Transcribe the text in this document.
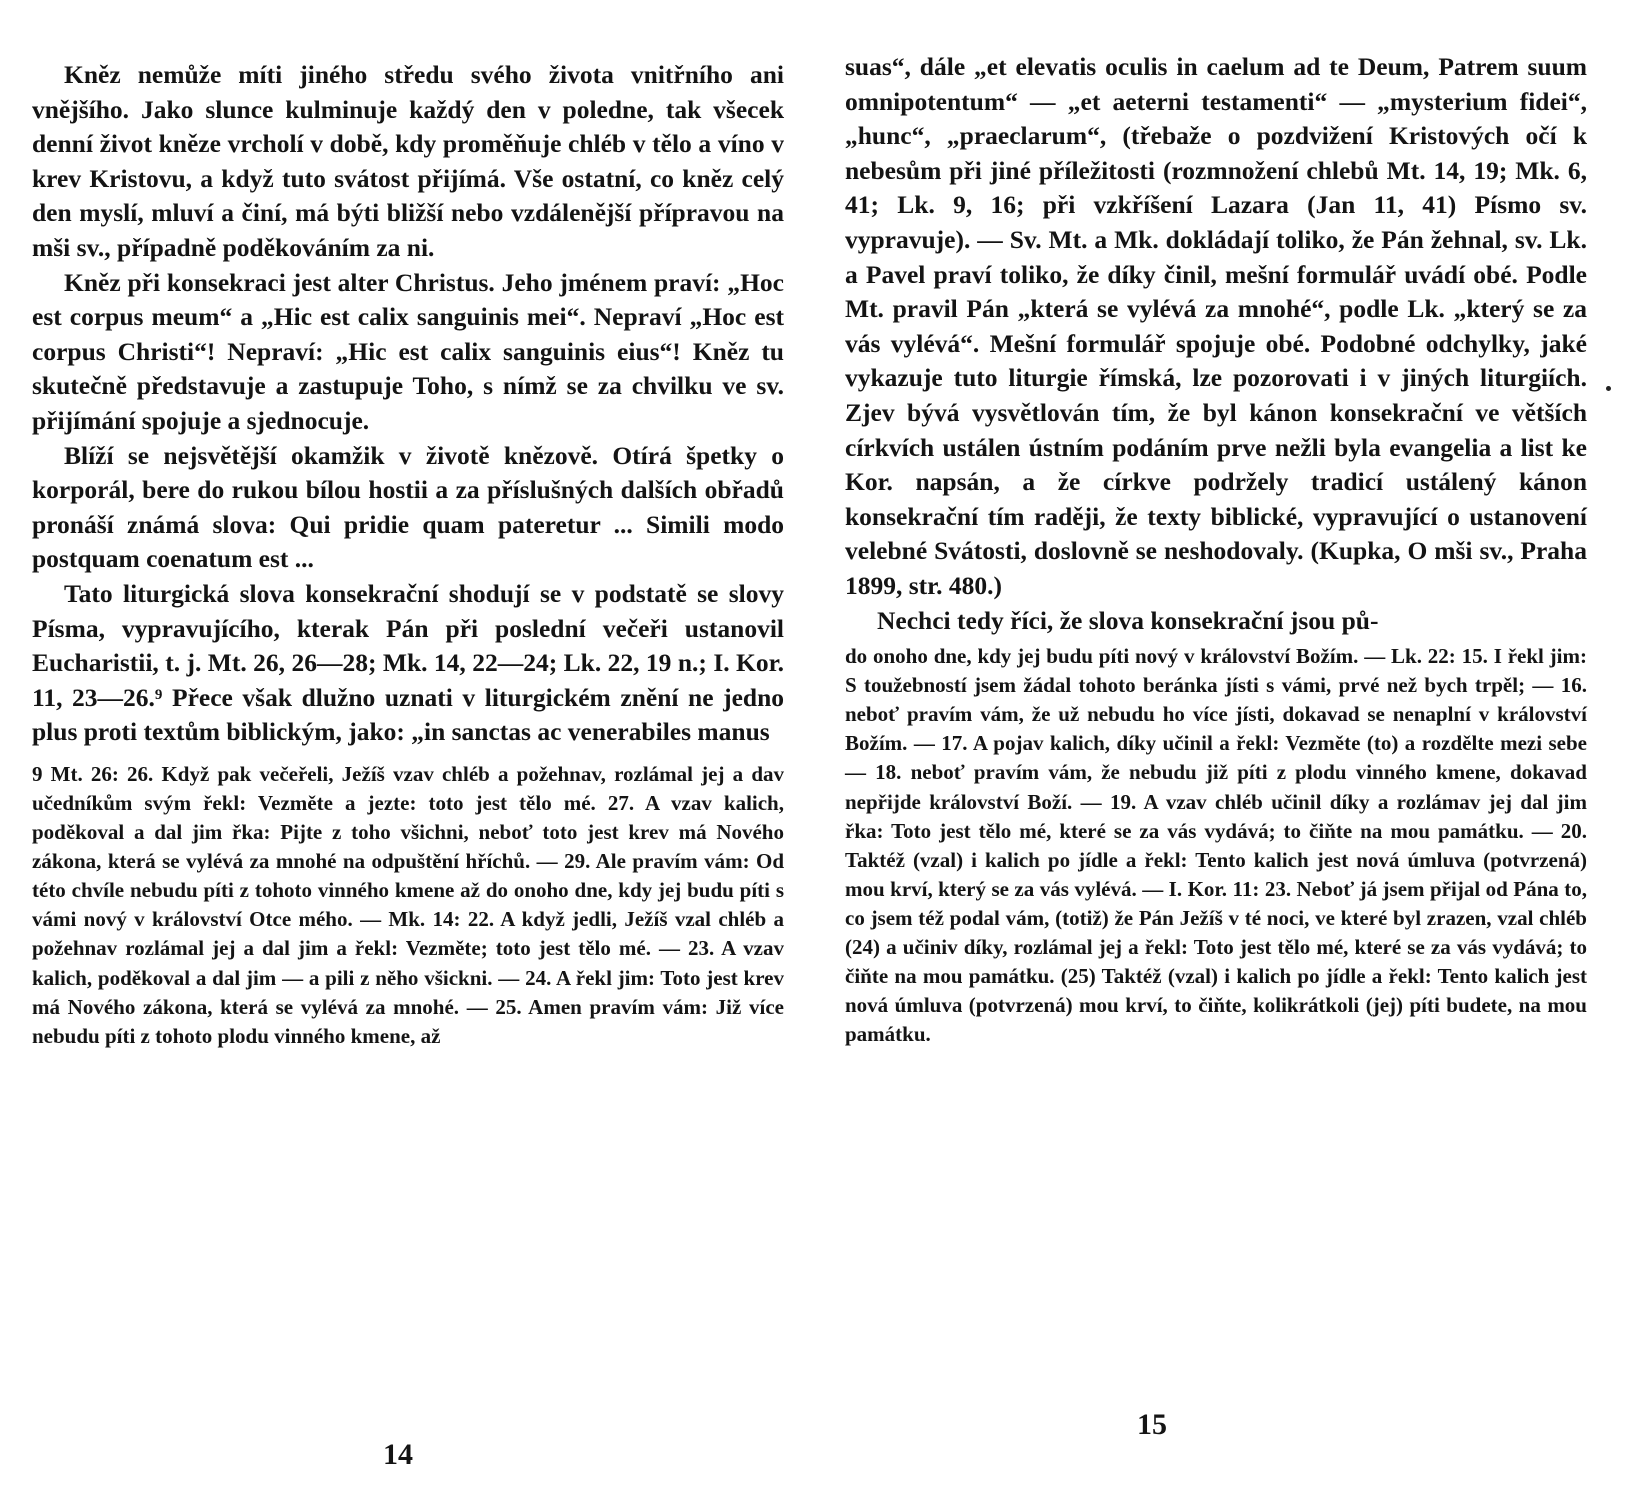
Kněz nemůže míti jiného středu svého života vnitřního ani vnějšího. Jako slunce kulminuje každý den v poledne, tak všecek denní život kněze vrcholí v době, kdy proměňuje chléb v tělo a víno v krev Kristovu, a když tuto svátost přijímá. Vše ostatní, co kněz celý den myslí, mluví a činí, má býti bližší nebo vzdálenější přípravou na mši sv., případně poděkováním za ni.

Kněz při konsekraci jest alter Christus. Jeho jménem praví: „Hoc est corpus meum“ a „Hic est calix sanguinis mei“. Nepraví „Hoc est corpus Christi“! Nepraví: „Hic est calix sanguinis eius“! Kněz tu skutečně představuje a zastupuje Toho, s nímž se za chvilku ve sv. přijímání spojuje a sjednocuje.

Blíží se nejsvětější okamžik v životě knězově. Otírá špetky o korporál, bere do rukou bílou hostii a za příslušných dalších obřadů pronáší známá slova: Qui pridie quam pateretur ... Simili modo postquam coenatum est ...

Tato liturgická slova konsekrační shodují se v podstatě se slovy Písma, vypravujícího, kterak Pán při poslední večeři ustanovil Eucharistii, t. j. Mt. 26, 26—28; Mk. 14, 22—24; Lk. 22, 19 n.; I. Kor. 11, 23—26.$^9$ Přece však dlužno uznati v liturgickém znění ne jedno plus proti textům biblickým, jako: „in sanctas ac venerabiles manus

9 Mt. 26: 26. Když pak večeřeli, Ježíš vzav chléb a požehnav, rozlámal jej a dav učedníkům svým řekl: Vezměte a jezte: toto jest tělo mé. 27. A vzav kalich, poděkoval a dal jim řka: Pijte z toho všichni, neboť toto jest krev má Nového zákona, která se vylévá za mnohé na odpuštění hříchů. — 29. Ale pravím vám: Od této chvíle nebudu píti z tohoto vinného kmene až do onoho dne, kdy jej budu píti s vámi nový v království Otce mého. — Mk. 14: 22. A když jedli, Ježíš vzal chléb a požehnav rozlámal jej a dal jim a řekl: Vezměte; toto jest tělo mé. — 23. A vzav kalich, poděkoval a dal jim — a pili z něho všickni. — 24. A řekl jim: Toto jest krev má Nového zákona, která se vylévá za mnohé. — 25. Amen pravím vám: Již více nebudu píti z tohoto plodu vinného kmene, až

14

suas“, dále „et elevatis oculis in caelum ad te Deum, Patrem suum omnipotentum“ — „et aeterni testamenti“ — „mysterium fidei“, „hunc“, „praeclarum“, (třebaže o pozdvižení Kristových očí k nebesům při jiné příležitosti (rozmnožení chlebů Mt. 14, 19; Mk. 6, 41; Lk. 9, 16; při vzkříšení Lazara (Jan 11, 41) Písmo sv. vypravuje). — Sv. Mt. a Mk. dokládají toliko, že Pán žehnal, sv. Lk. a Pavel praví toliko, že díky činil, mešní formulář uvádí obé. Podle Mt. pravil Pán „která se vylévá za mnohé“, podle Lk. „který se za vás vylévá“. Mešní formulář spojuje obé. Podobné odchylky, jaké vykazuje tuto liturgie římská, lze pozorovati i v jiných liturgiích. Zjev bývá vysvětlován tím, že byl kánon konsekrační ve větších církvích ustálen ústním podáním prve nežli byla evangelia a list ke Kor. napsán, a že církve podržely tradicí ustálený kánon konsekrační tím raději, že texty biblické, vypravující o ustanovení velebné Svátosti, doslovně se neshodovaly. (Kupka, O mši sv., Praha 1899, str. 480.)

Nechci tedy říci, že slova konsekrační jsou pů-

do onoho dne, kdy jej budu píti nový v království Božím. — Lk. 22: 15. I řekl jim: S toužebností jsem žádal tohoto beránka jísti s vámi, prvé než bych trpěl; — 16. neboť pravím vám, že už nebudu ho více jísti, dokavad se nenaplní v království Božím. — 17. A pojav kalich, díky učinil a řekl: Vezměte (to) a rozdělte mezi sebe — 18. neboť pravím vám, že nebudu již píti z plodu vinného kmene, dokavad nepřijde království Boží. — 19. A vzav chléb učinil díky a rozlámav jej dal jim řka: Toto jest tělo mé, které se za vás vydává; to čiňte na mou památku. — 20. Taktéž (vzal) i kalich po jídle a řekl: Tento kalich jest nová úmluva (potvrzená) mou krví, který se za vás vylévá. — I. Kor. 11: 23. Neboť já jsem přijal od Pána to, co jsem též podal vám, (totiž) že Pán Ježíš v té noci, ve které byl zrazen, vzal chléb (24) a učiniv díky, rozlámal jej a řekl: Toto jest tělo mé, které se za vás vydává; to čiňte na mou památku. (25) Taktéž (vzal) i kalich po jídle a řekl: Tento kalich jest nová úmluva (potvrzená) mou krví, to čiňte, kolikrátkoli (jej) píti budete, na mou památku.

15
